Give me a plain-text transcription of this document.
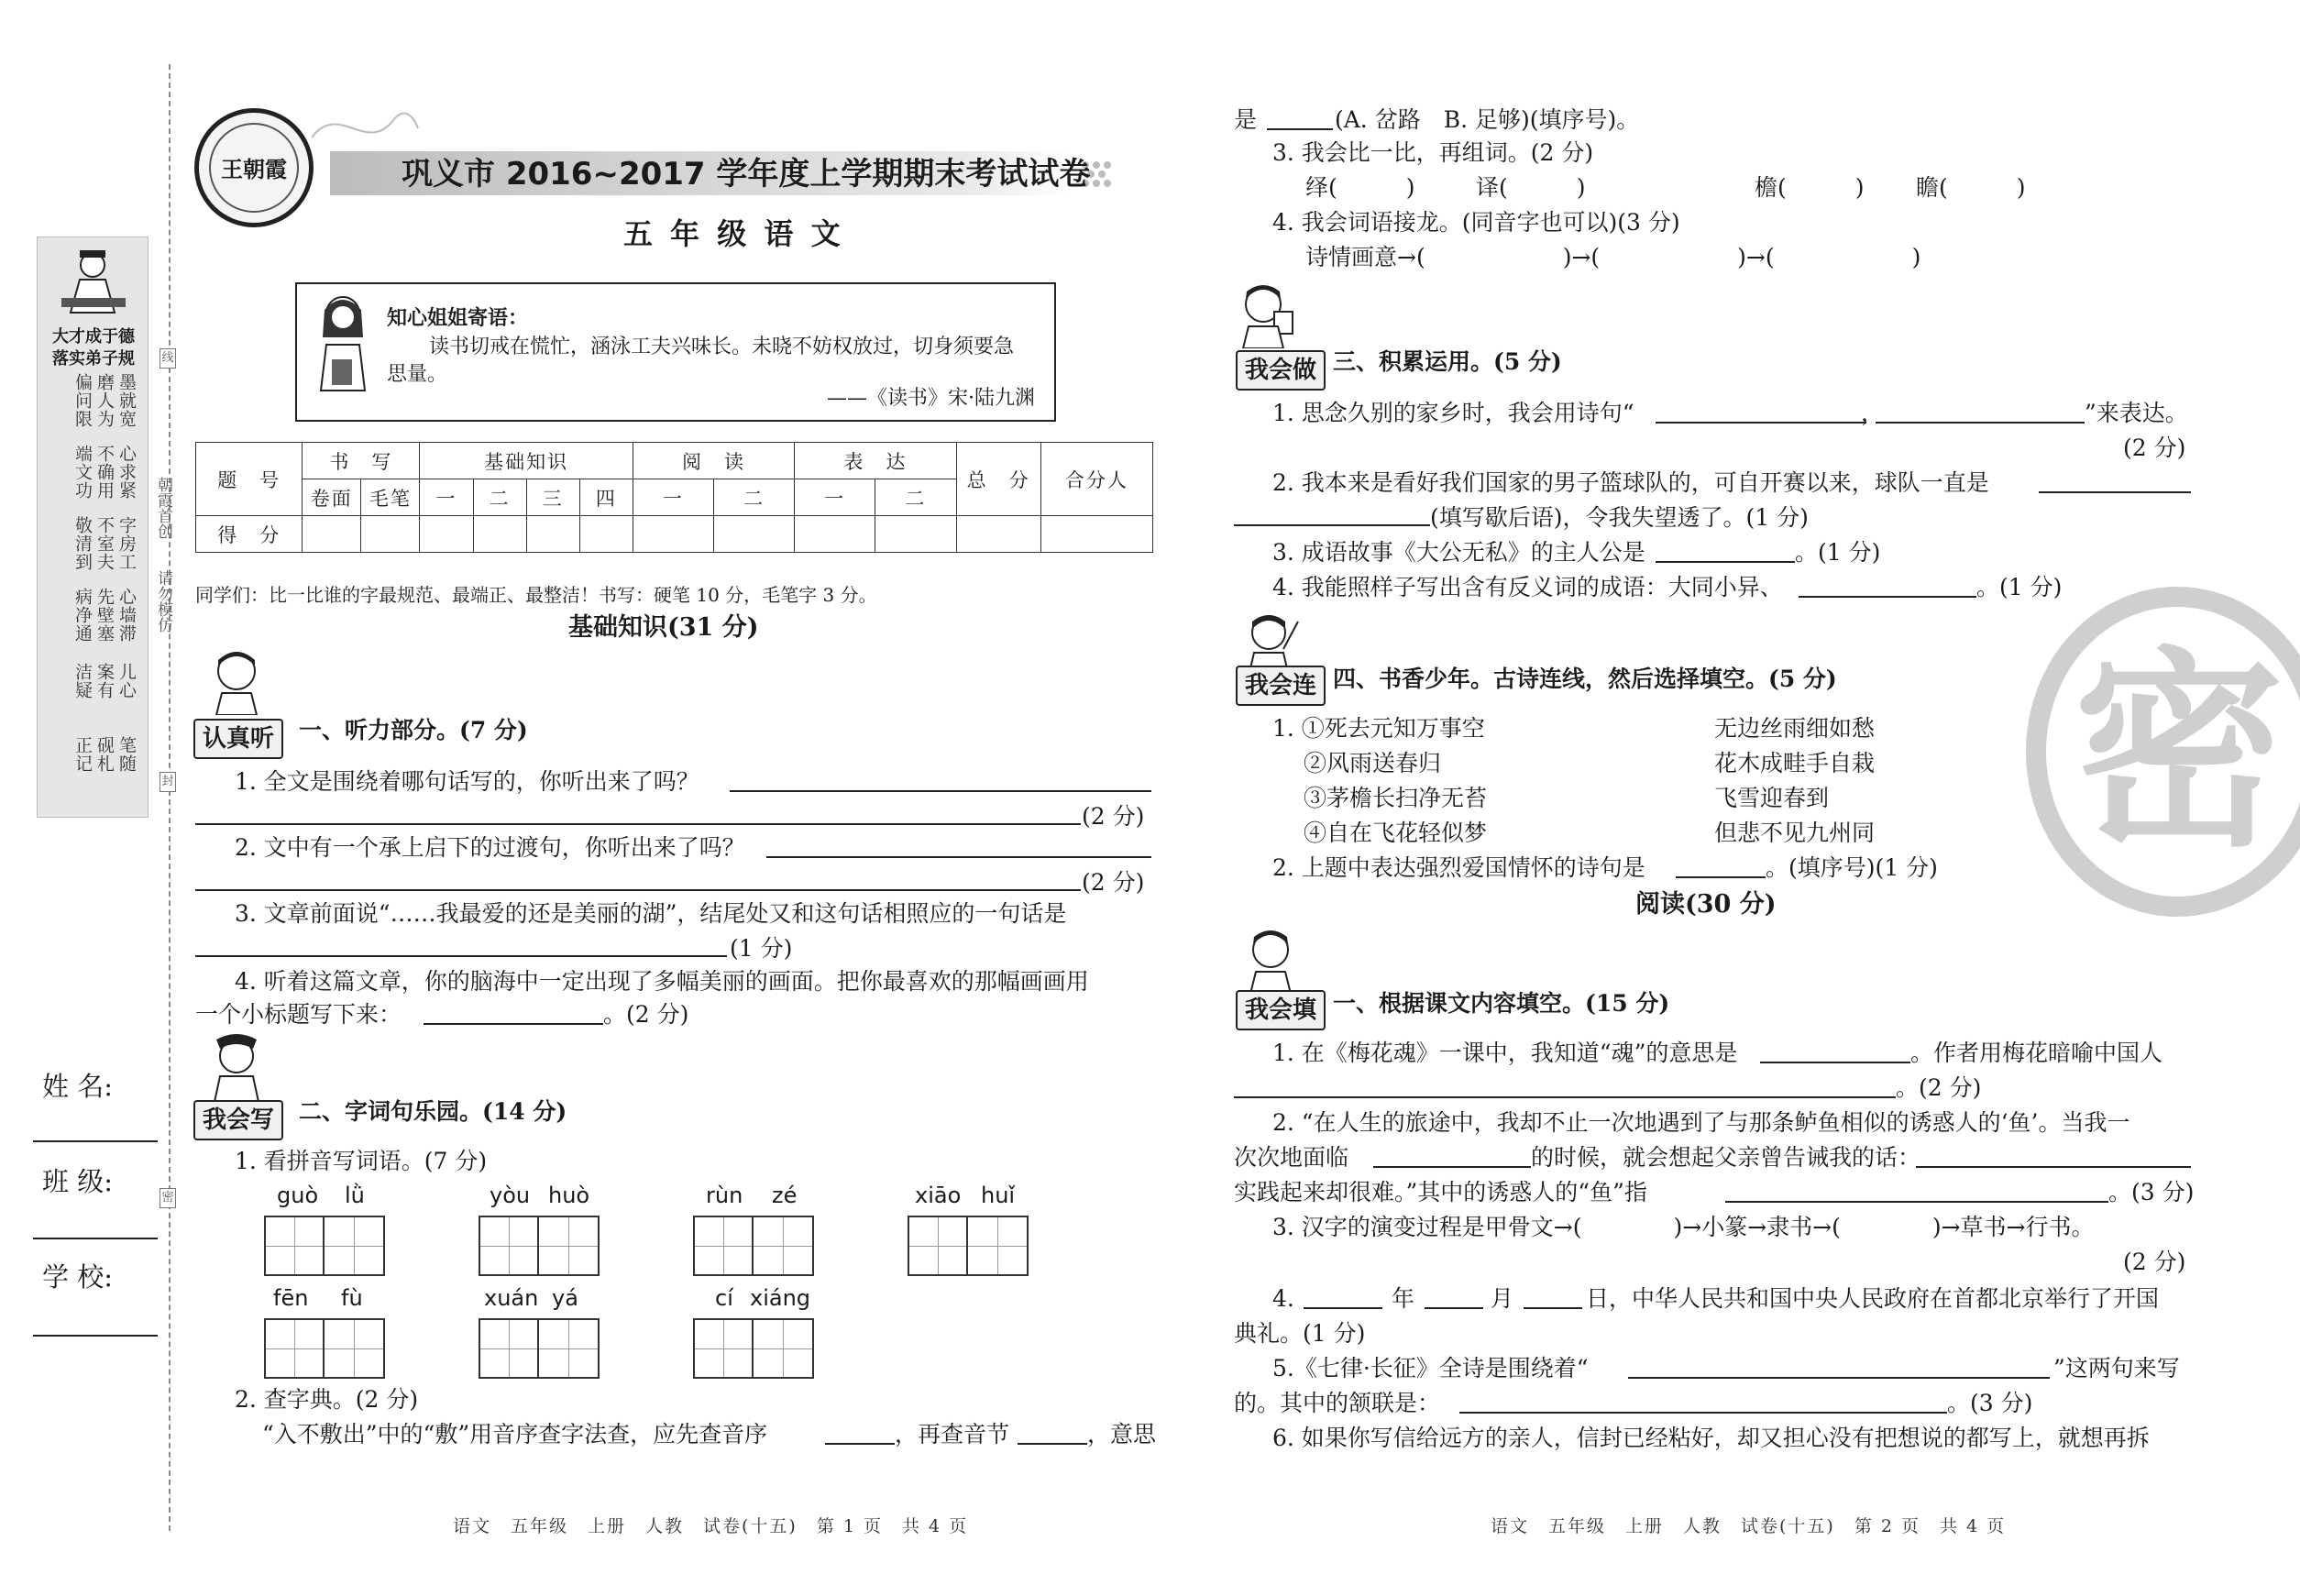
大才成于德
落实弟子规
墨就宽
磨人为
偏问限
心求紧
不确用
端文功
字房工
不室夫
敬清到
心墙滞
先壁塞
病净通
儿心
案有
笔随
砚札
正记
洁疑
线
封
密
朝霞首创
请勿模仿
姓 名:
班 级:
学 校:
王朝霞	巩义市 2016~2017 学年度上学期期末考试试卷
五 年 级 语 文
知心姐姐寄语：
读书切戒在慌忙，涵泳工夫兴味长。未晓不妨权放过，切身须要急
思量。
——《读书》宋·陆九渊
题　号	书　写		基础知识				阅　读		表　达		总　分	合分人
	卷面	毛笔	一	二	三	四	一	二	一	二		
得　分												
同学们：比一比谁的字最规范、最端正、最整洁！书写：硬笔 10 分，毛笔字 3 分。
基础知识(31 分)
认真听	一、听力部分。(7 分)
1. 全文是围绕着哪句话写的，你听出来了吗？
(2 分)
2. 文中有一个承上启下的过渡句，你听出来了吗？
(2 分)
3. 文章前面说“……我最爱的还是美丽的湖”，结尾处又和这句话相照应的一句话是
(1 分)
4. 听着这篇文章，你的脑海中一定出现了多幅美丽的画面。把你最喜欢的那幅画画用
一个小标题写下来：	。(2 分)
我会写	二、字词句乐园。(14 分)
1. 看拼音写词语。(7 分)
guò lǜ	yòu huò	rùn zé	xiāo huǐ
fēn fù	xuán yá	cí xiáng
2. 查字典。(2 分)
“入不敷出”中的“敷”用音序查字法查，应先查音序	，再查音节	，意思
语文　五年级　上册　人教　试卷(十五)　第 1 页　共 4 页
密
是	(A. 岔路　B. 足够)(填序号)。
3. 我会比一比，再组词。(2 分)
绎(　　　)	译(　　　)	檐(　　　) 瞻(　　　)
4. 我会词语接龙。(同音字也可以)(3 分)
诗情画意→(　　　　　　)→(　　　　　　)→(　　　　　　)
我会做 三、积累运用。(5 分)
1. 思念久别的家乡时，我会用诗句“	，	”来表达。
(2 分)
2. 我本来是看好我们国家的男子篮球队的，可自开赛以来，球队一直是
(填写歇后语)，令我失望透了。(1 分)
3. 成语故事《大公无私》的主人公是	。(1 分)
4. 我能照样子写出含有反义词的成语：大同小异、	。(1 分)
我会连 四、书香少年。古诗连线，然后选择填空。(5 分)
1. ①死去元知万事空
②风雨送春归
③茅檐长扫净无苔
④自在飞花轻似梦
无边丝雨细如愁
花木成畦手自栽
飞雪迎春到
但悲不见九州同
2. 上题中表达强烈爱国情怀的诗句是	。(填序号)(1 分)
阅读(30 分)
我会填 一、根据课文内容填空。(15 分)
1. 在《梅花魂》一课中，我知道“魂”的意思是	。作者用梅花暗喻中国人
。(2 分)
2. “在人生的旅途中，我却不止一次地遇到了与那条鲈鱼相似的诱惑人的‘鱼’。当我一
次次地面临	的时候，就会想起父亲曾告诫我的话：
实践起来却很难。”其中的诱惑人的“鱼”指	。(3 分)
3. 汉字的演变过程是甲骨文→(　　　　)→小篆→隶书→(　　　　)→草书→行书。
(2 分)
4.	年	月	日，中华人民共和国中央人民政府在首都北京举行了开国
典礼。(1 分)
5.《七律·长征》全诗是围绕着“	”这两句来写
的。其中的颔联是：	。(3 分)
6. 如果你写信给远方的亲人，信封已经粘好，却又担心没有把想说的都写上，就想再拆
语文　五年级　上册　人教　试卷(十五)　第 2 页　共 4 页
